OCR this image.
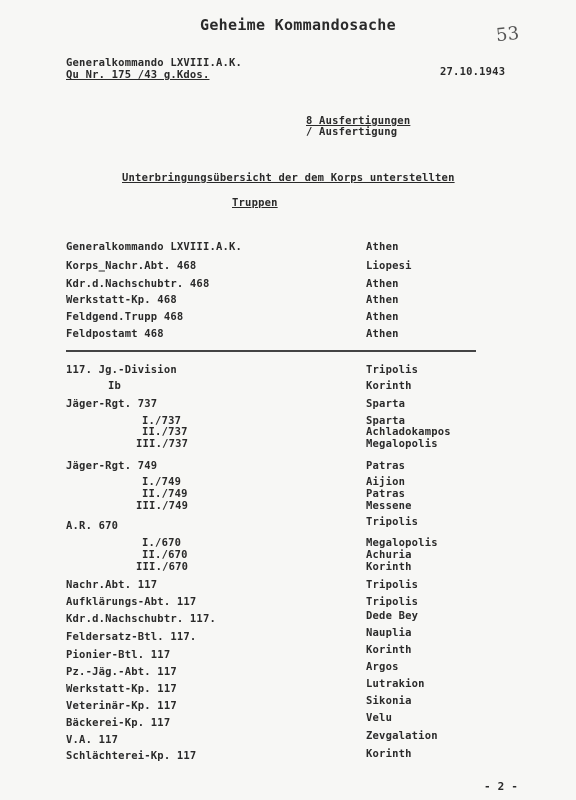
Geheime Kommandosache	53
Generalkommando LXVIII.A.K.
Qu Nr. 175 /43 g.Kdos.	27.10.1943
8 Ausfertigungen
/ Ausfertigung
Unterbringungsübersicht der dem Korps unterstellten
Truppen
Generalkommando LXVIII.A.K.	Athen
Korps_Nachr.Abt. 468	Liopesi
Kdr.d.Nachschubtr. 468	Athen
Werkstatt-Kp. 468	Athen
Feldgend.Trupp 468	Athen
Feldpostamt 468	Athen
117. Jg.-Division	Tripolis
Ib	Korinth
Jäger-Rgt. 737	Sparta
I./737	Sparta
II./737	Achladokampos
III./737	Megalopolis
Jäger-Rgt. 749	Patras
I./749	Aijion
II./749	Patras
III./749	Messene
A.R. 670	Tripolis
I./670	Megalopolis
II./670	Achuria
III./670	Korinth
Nachr.Abt. 117	Tripolis
Aufklärungs-Abt. 117	Tripolis
Kdr.d.Nachschubtr. 117.	Dede Bey
Feldersatz-Btl. 117.	Nauplia
Pionier-Btl. 117	Korinth
Pz.-Jäg.-Abt. 117	Argos
Werkstatt-Kp. 117	Lutrakion
Veterinär-Kp. 117	Sikonia
Bäckerei-Kp. 117	Velu
V.A. 117	Zevgalation
Schlächterei-Kp. 117	Korinth
- 2 -
